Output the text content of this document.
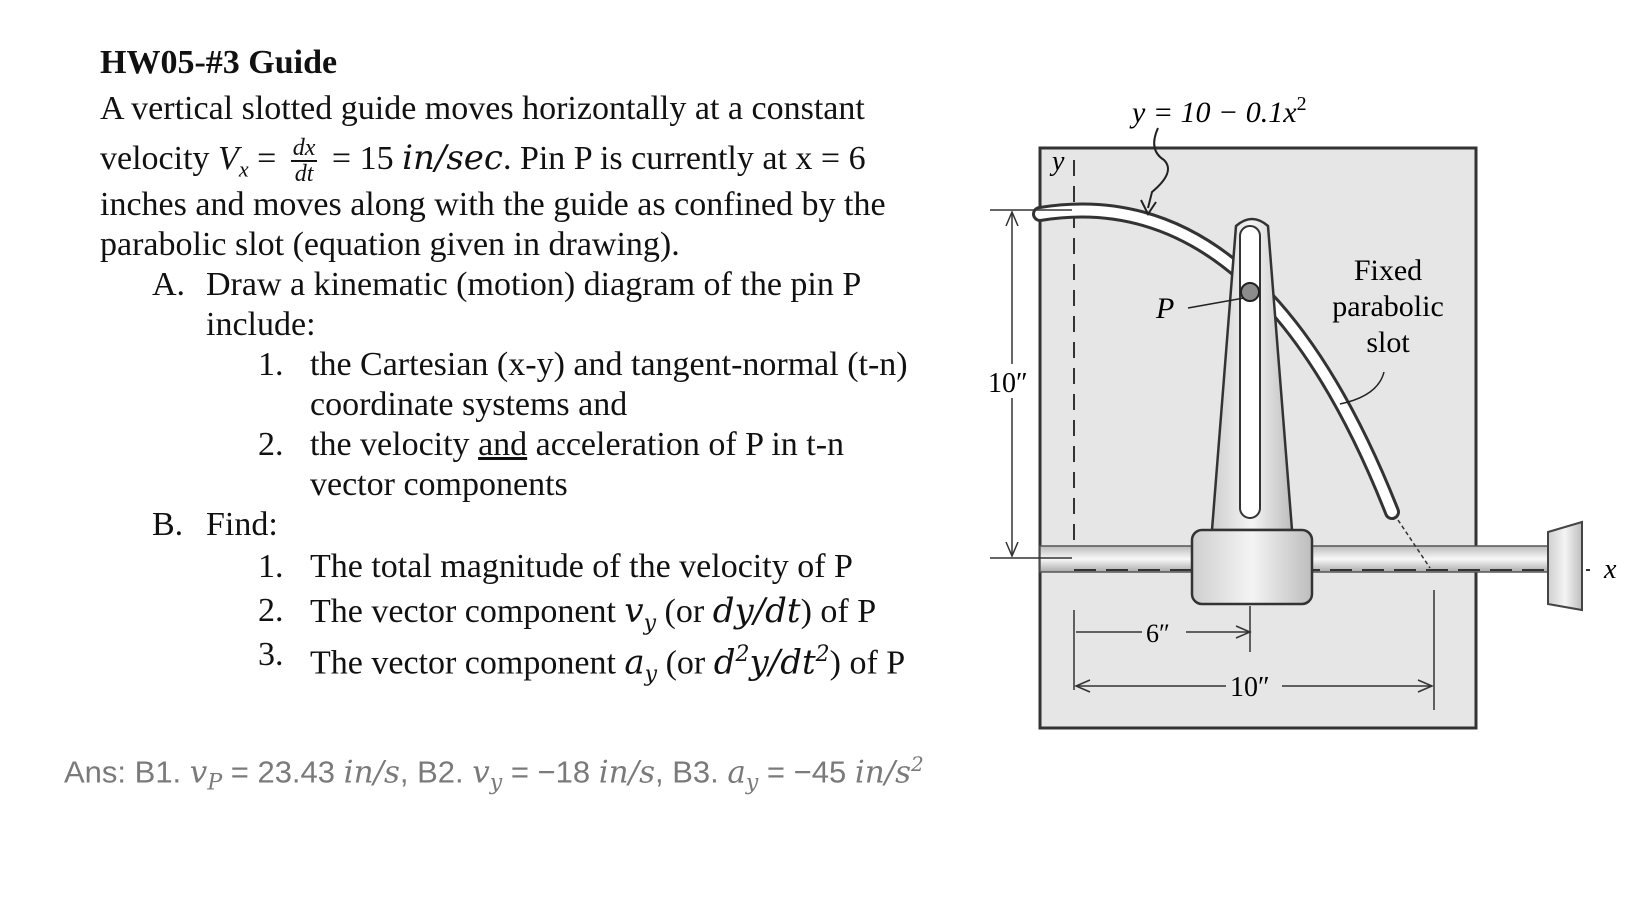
HW05-#3 Guide
A vertical slotted guide moves horizontally at a constant
velocity $V_x = \frac{dx}{dt} = 15$ in/sec. Pin P is currently at x = 6
inches and moves along with the guide as confined by the
parabolic slot (equation given in drawing).
A. Draw a kinematic (motion) diagram of the pin P
include:
1. the Cartesian (x-y) and tangent-normal (t-n)
coordinate systems and
2. the velocity and acceleration of P in t-n
vector components
B. Find:
1. The total magnitude of the velocity of P
2. The vector component $v_y$ (or dy/dt) of P
3. The vector component $a_y$ (or $d^2y/dt^2$) of P
Ans: B1. $v_P = 23.43$ in/s, B2. $v_y = -18$ in/s, B3. $a_y = -45$ $in/s^2$
y
x
P
$y = 10 - 0.1x^2$
Fixed
parabolic
slot
10″
6″
10″
